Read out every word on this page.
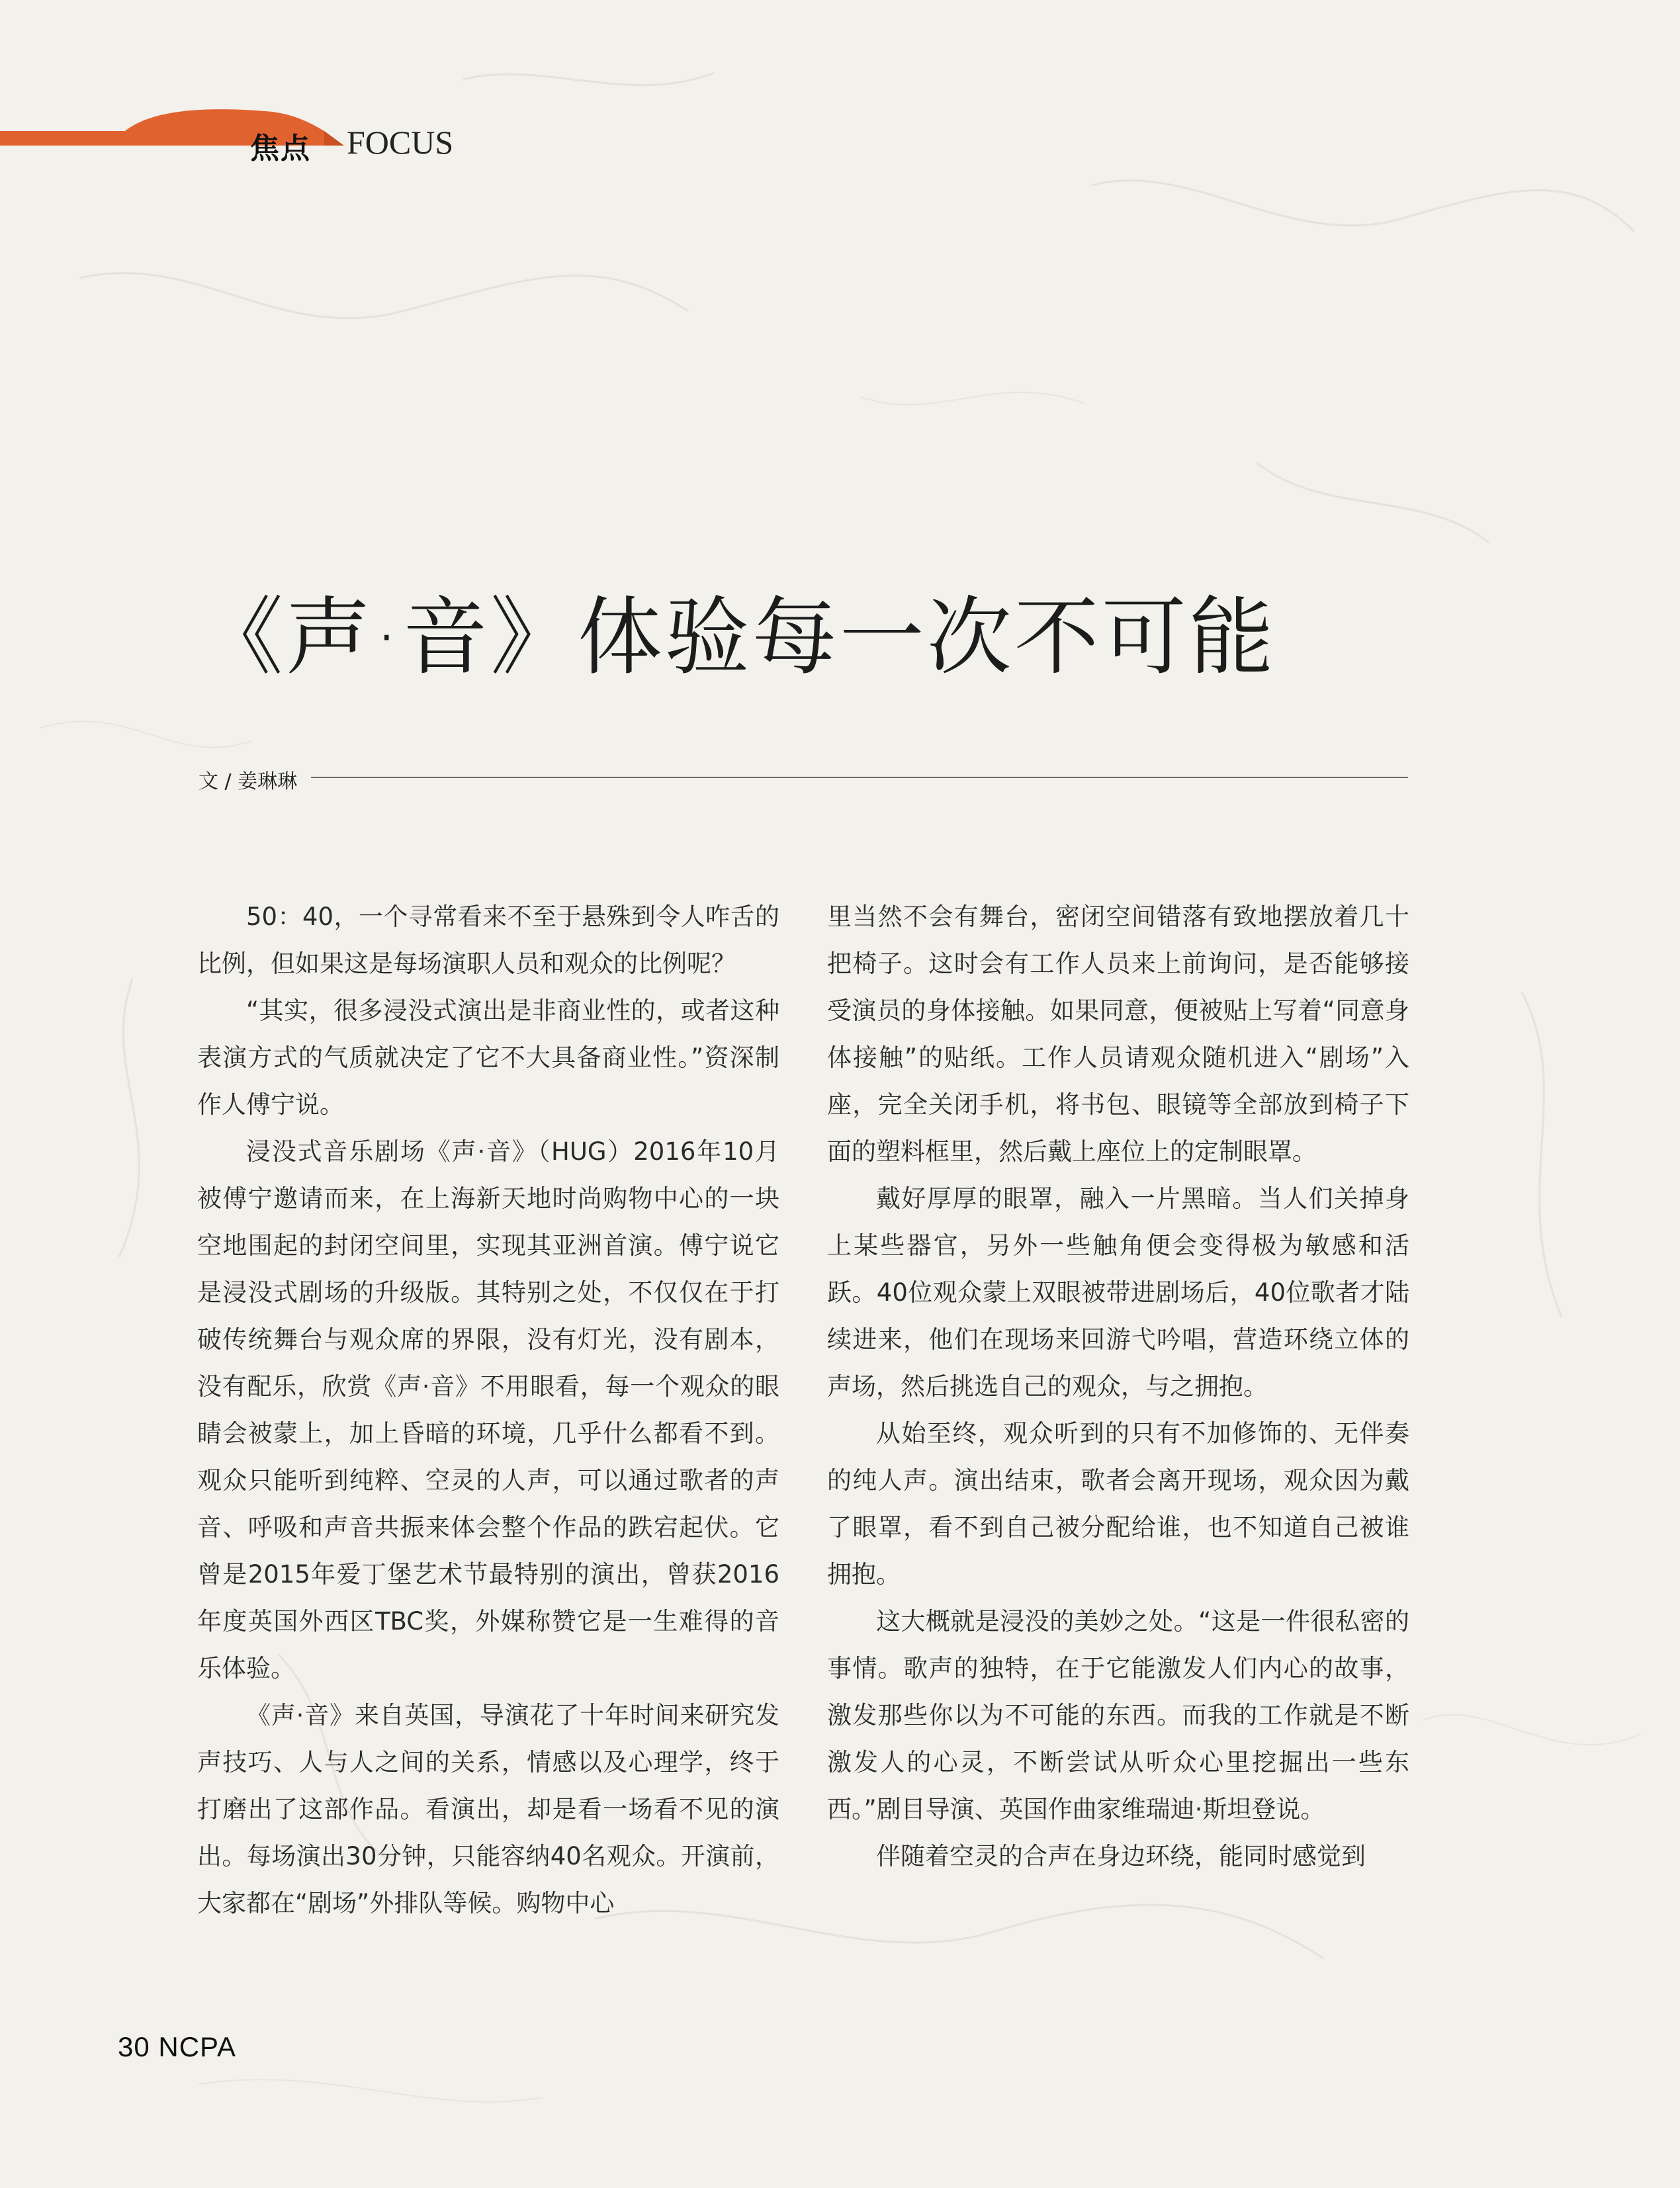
焦点 FOCUS
《声·音》体验每一次不可能
文 / 姜琳琳

50：40，一个寻常看来不至于悬殊到令人咋舌的比例，但如果这是每场演职人员和观众的比例呢？

“其实，很多浸没式演出是非商业性的，或者这种表演方式的气质就决定了它不大具备商业性。”资深制作人傅宁说。

浸没式音乐剧场《声·音》（HUG）2016年10月被傅宁邀请而来，在上海新天地时尚购物中心的一块空地围起的封闭空间里，实现其亚洲首演。傅宁说它是浸没式剧场的升级版。其特别之处，不仅仅在于打破传统舞台与观众席的界限，没有灯光，没有剧本，没有配乐，欣赏《声·音》不用眼看，每一个观众的眼睛会被蒙上，加上昏暗的环境，几乎什么都看不到。观众只能听到纯粹、空灵的人声，可以通过歌者的声音、呼吸和声音共振来体会整个作品的跌宕起伏。它曾是2015年爱丁堡艺术节最特别的演出，曾获2016年度英国外西区TBC奖，外媒称赞它是一生难得的音乐体验。

《声·音》来自英国，导演花了十年时间来研究发声技巧、人与人之间的关系，情感以及心理学，终于打磨出了这部作品。看演出，却是看一场看不见的演出。每场演出30分钟，只能容纳40名观众。开演前，大家都在“剧场”外排队等候。购物中心

里当然不会有舞台，密闭空间错落有致地摆放着几十把椅子。这时会有工作人员来上前询问，是否能够接受演员的身体接触。如果同意，便被贴上写着“同意身体接触”的贴纸。工作人员请观众随机进入“剧场”入座，完全关闭手机，将书包、眼镜等全部放到椅子下面的塑料框里，然后戴上座位上的定制眼罩。

戴好厚厚的眼罩，融入一片黑暗。当人们关掉身上某些器官，另外一些触角便会变得极为敏感和活跃。40位观众蒙上双眼被带进剧场后，40位歌者才陆续进来，他们在现场来回游弋吟唱，营造环绕立体的声场，然后挑选自己的观众，与之拥抱。

从始至终，观众听到的只有不加修饰的、无伴奏的纯人声。演出结束，歌者会离开现场，观众因为戴了眼罩，看不到自己被分配给谁，也不知道自己被谁拥抱。

这大概就是浸没的美妙之处。“这是一件很私密的事情。歌声的独特，在于它能激发人们内心的故事，激发那些你以为不可能的东西。而我的工作就是不断激发人的心灵，不断尝试从听众心里挖掘出一些东西。”剧目导演、英国作曲家维瑞迪·斯坦登说。

伴随着空灵的合声在身边环绕，能同时感觉到

30 NCPA
